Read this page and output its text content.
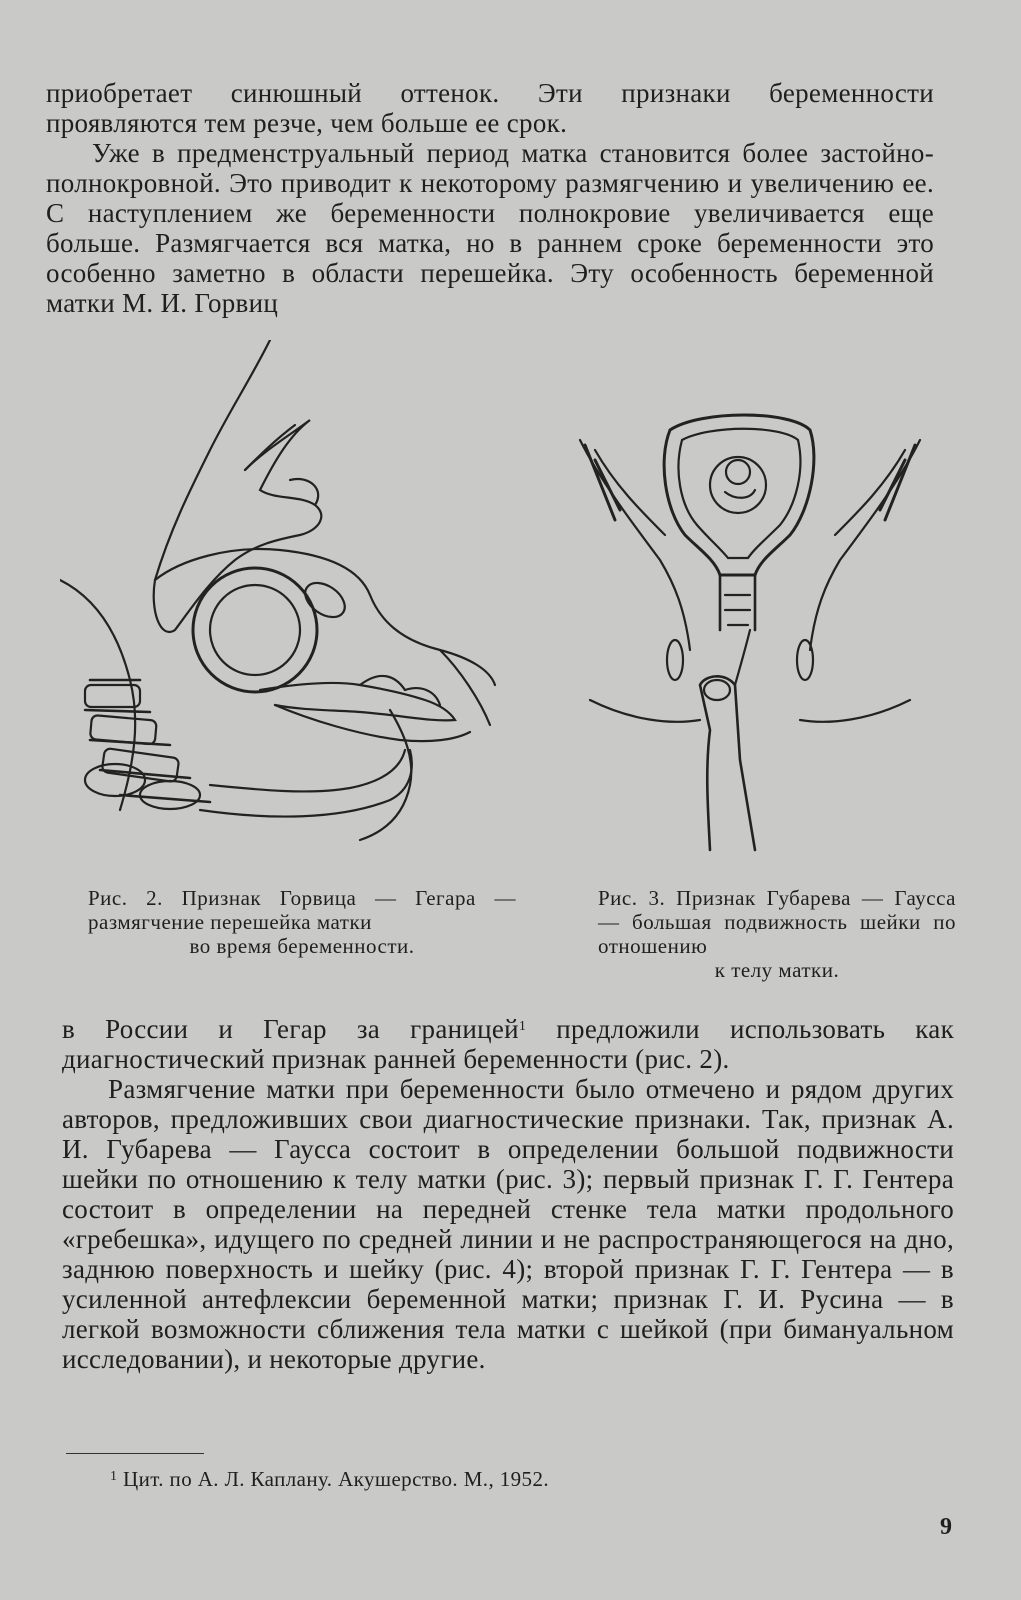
приобретает синюшный оттенок. Эти признаки беременности проявляются тем резче, чем больше ее срок.

Уже в предменструальный период матка становится более застойно-полнокровной. Это приводит к некоторому размягчению и увеличению ее. С наступлением же беременности полнокровие увеличивается еще больше. Размягчается вся матка, но в раннем сроке беременности это особенно заметно в области перешейка. Эту особенность беременной матки М. И. Горвиц

Рис. 2. Признак Горвица — Гегара — размягчение перешейка матки
во время беременности.
Рис. 3. Признак Губарева — Гаусса — большая подвижность шейки по отношению
к телу матки.

в России и Гегар за границей$^1$ предложили использовать как диагностический признак ранней беременности (рис. 2).

Размягчение матки при беременности было отмечено и рядом других авторов, предложивших свои диагностические признаки. Так, признак А. И. Губарева — Гаусса состоит в определении большой подвижности шейки по отношению к телу матки (рис. 3); первый признак Г. Г. Гентера состоит в определении на передней стенке тела матки продольного «гребешка», идущего по средней линии и не распространяющегося на дно, заднюю поверхность и шейку (рис. 4); второй признак Г. Г. Гентера — в усиленной антефлексии беременной матки; признак Г. И. Русина — в легкой возможности сближения тела матки с шейкой (при бимануальном исследовании), и некоторые другие.

$^1$ Цит. по А. Л. Каплану. Акушерство. М., 1952.
9
